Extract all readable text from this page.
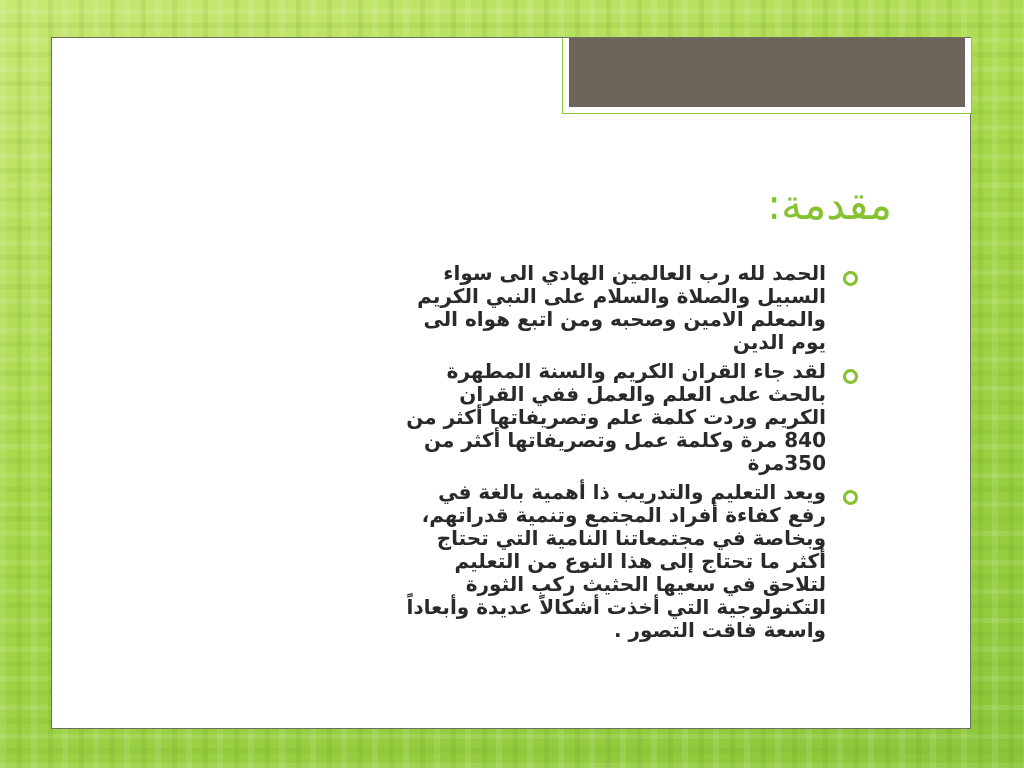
مقدمة:
الحمد لله رب العالمين الهادي الى سواء السبيل والصلاة والسلام على النبي الكريم والمعلم الامين وصحبه ومن اتبع هواه الى يوم الدين
لقد جاء القران الكريم والسنة المطهرة بالحث على العلم والعمل ففي القران الكريم وردت كلمة علم وتصريفاتها أكثر من 840 مرة وكلمة عمل وتصريفاتها أكثر من 350مرة
ويعد التعليم والتدريب ذا أهمية بالغة في رفع كفاءة أفراد المجتمع وتنمية قدراتهم، وبخاصة في مجتمعاتنا النامية التي تحتاج أكثر ما تحتاج إلى هذا النوع من التعليم لتلاحق في سعيها الحثيث ركب الثورة التكنولوجية التي أخذت أشكالاً عديدة وأبعاداً واسعة فاقت التصور .
